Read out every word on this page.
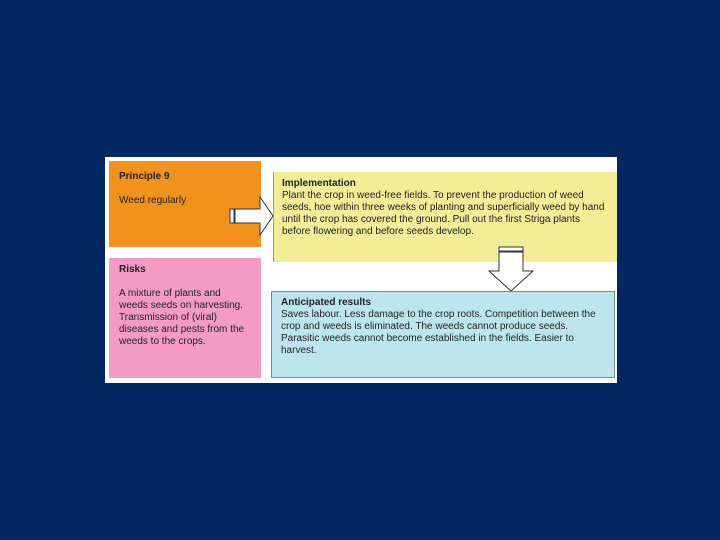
Principle 9
Weed regularly
Risks
A mixture of plants and weeds seeds on harvesting. Transmission of (viral) diseases and pests from the weeds to the crops.
Implementation
Plant the crop in weed-free fields. To prevent the production of weed seeds, hoe within three weeks of planting and superficially weed by hand until the crop has covered the ground. Pull out the first Striga plants before flowering and before seeds develop.
Anticipated results
Saves labour. Less damage to the crop roots. Competition between the crop and weeds is eliminated. The weeds cannot produce seeds. Parasitic weeds cannot become established in the fields. Easier to harvest.
